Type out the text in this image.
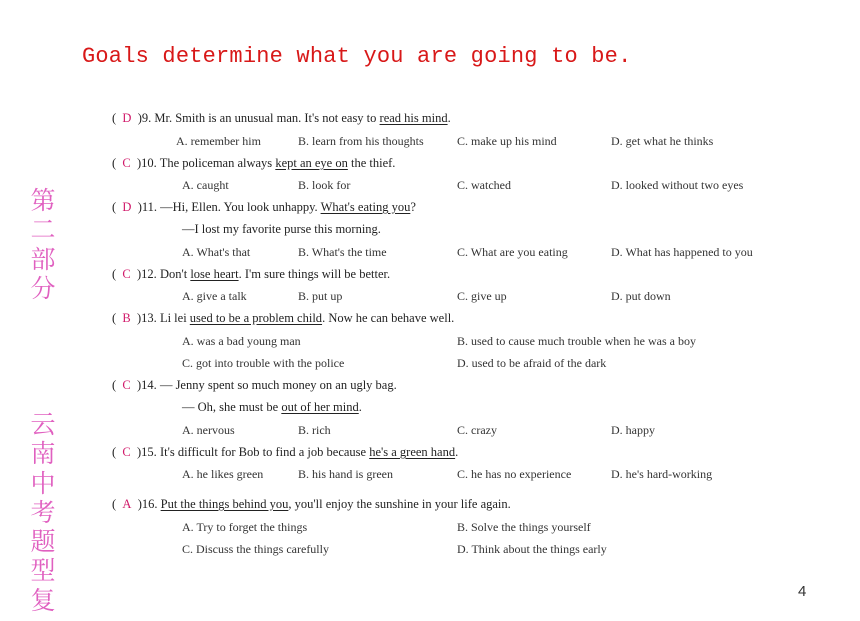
Goals determine what you are going to be.
第
二
部
分
云
南
中
考
题
型
复
(  D )9. Mr. Smith is an unusual man. It's not easy to read his mind.
A. remember him	B. learn from his thoughts	C. make up his mind	D. get what he thinks
(  C )10. The policeman always kept an eye on the thief.
A. caught	B. look for	C. watched	D. looked without two eyes
(  D )11. —Hi, Ellen. You look unhappy. What's eating you?
—I lost my favorite purse this morning.
A. What's that	B. What's the time	C. What are you eating	D. What has happened to you
(  C )12. Don't lose heart. I'm sure things will be better.
A. give a talk	B. put up	C. give up	D. put down
(  B )13. Li lei used to be a problem child. Now he can behave well.
A. was a bad young man	B. used to cause much trouble when he was a boy
C. got into trouble with the police	D. used to be afraid of the dark
(  C )14. — Jenny spent so much money on an ugly bag.
— Oh, she must be out of her mind.
A. nervous	B. rich	C. crazy	D. happy
(  C )15. It's difficult for Bob to find a job because he's a green hand.
A. he likes green	B. his hand is green	C. he has no experience	D. he's hard-working
(  A )16. Put the things behind you, you'll enjoy the sunshine in your life again.
A. Try to forget the things	B. Solve the things yourself
C. Discuss the things carefully	D. Think about the things early
4
